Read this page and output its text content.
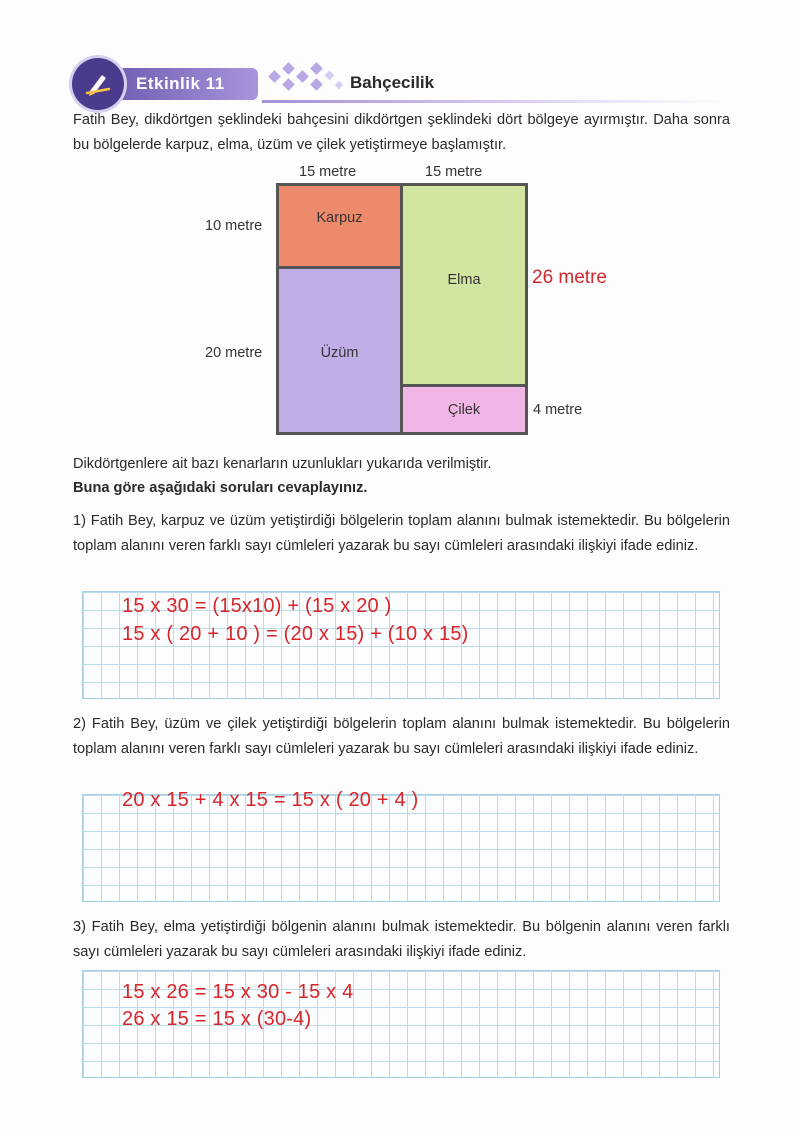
Etkinlik 11	Bahçecilik
Fatih Bey, dikdörtgen şeklindeki bahçesini dikdörtgen şeklindeki dört bölgeye ayırmıştır. Daha sonra bu bölgelerde karpuz, elma, üzüm ve çilek yetiştirmeye başlamıştır.
15 metre	15 metre
10 metre
20 metre
26 metre
4 metre
Karpuz
Üzüm
Elma
Çilek
Dikdörtgenlere ait bazı kenarların uzunlukları yukarıda verilmiştir.
Buna göre aşağıdaki soruları cevaplayınız.
1) Fatih Bey, karpuz ve üzüm yetiştirdiği bölgelerin toplam alanını bulmak istemektedir. Bu bölgelerin toplam alanını veren farklı sayı cümleleri yazarak bu sayı cümleleri arasındaki ilişkiyi ifade ediniz.
15 x 30 = (15x10) + (15 x 20 )
15 x ( 20 + 10 ) = (20 x 15) + (10 x 15)
2) Fatih Bey, üzüm ve çilek yetiştirdiği bölgelerin toplam alanını bulmak istemektedir. Bu bölgelerin toplam alanını veren farklı sayı cümleleri yazarak bu sayı cümleleri arasındaki ilişkiyi ifade ediniz.
20 x 15 + 4 x 15 = 15 x ( 20 + 4 )
3) Fatih Bey, elma yetiştirdiği bölgenin alanını bulmak istemektedir. Bu bölgenin alanını veren farklı sayı cümleleri yazarak bu sayı cümleleri arasındaki ilişkiyi ifade ediniz.
15 x 26 = 15 x 30 - 15 x 4
26 x 15 = 15 x (30-4)
